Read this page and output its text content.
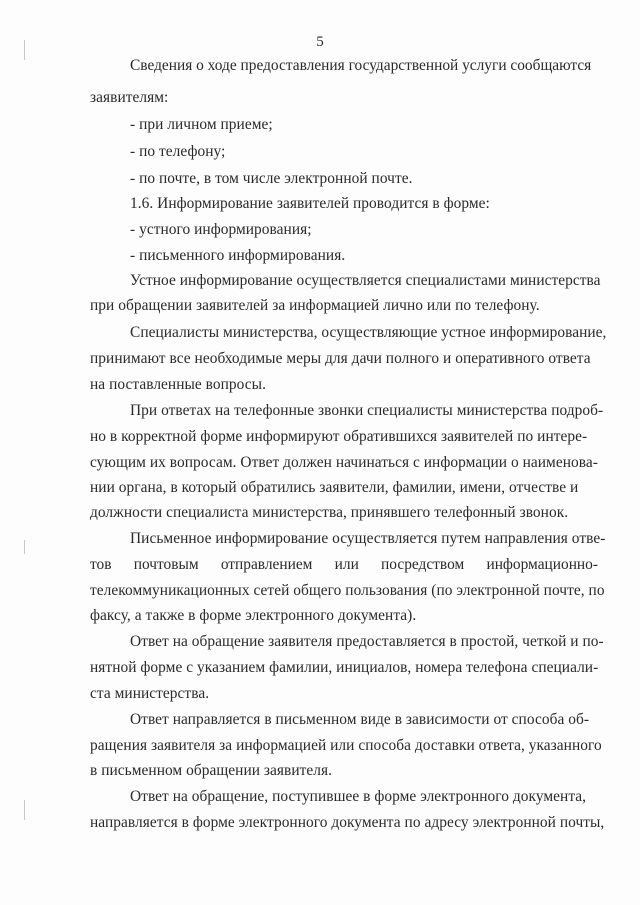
5
Сведения о ходе предоставления государственной услуги сообщаются
заявителям:
- при личном приеме;
- по телефону;
- по почте, в том числе электронной почте.
1.6. Информирование заявителей проводится в форме:
- устного информирования;
- письменного информирования.
Устное информирование осуществляется специалистами министерства
при обращении заявителей за информацией лично или по телефону.
Специалисты министерства, осуществляющие устное информирование,
принимают все необходимые меры для дачи полного и оперативного ответа
на поставленные вопросы.
При ответах на телефонные звонки специалисты министерства подроб-
но в корректной форме информируют обратившихся заявителей по интере-
сующим их вопросам. Ответ должен начинаться с информации о наименова-
нии органа, в который обратились заявители, фамилии, имени, отчестве и
должности специалиста министерства, принявшего телефонный звонок.
Письменное информирование осуществляется путем направления отве-
тов почтовым отправлением или посредством информационно-
телекоммуникационных сетей общего пользования (по электронной почте, по
факсу, а также в форме электронного документа).
Ответ на обращение заявителя предоставляется в простой, четкой и по-
нятной форме с указанием фамилии, инициалов, номера телефона специали-
ста министерства.
Ответ направляется в письменном виде в зависимости от способа об-
ращения заявителя за информацией или способа доставки ответа, указанного
в письменном обращении заявителя.
Ответ на обращение, поступившее в форме электронного документа,
направляется в форме электронного документа по адресу электронной почты,
